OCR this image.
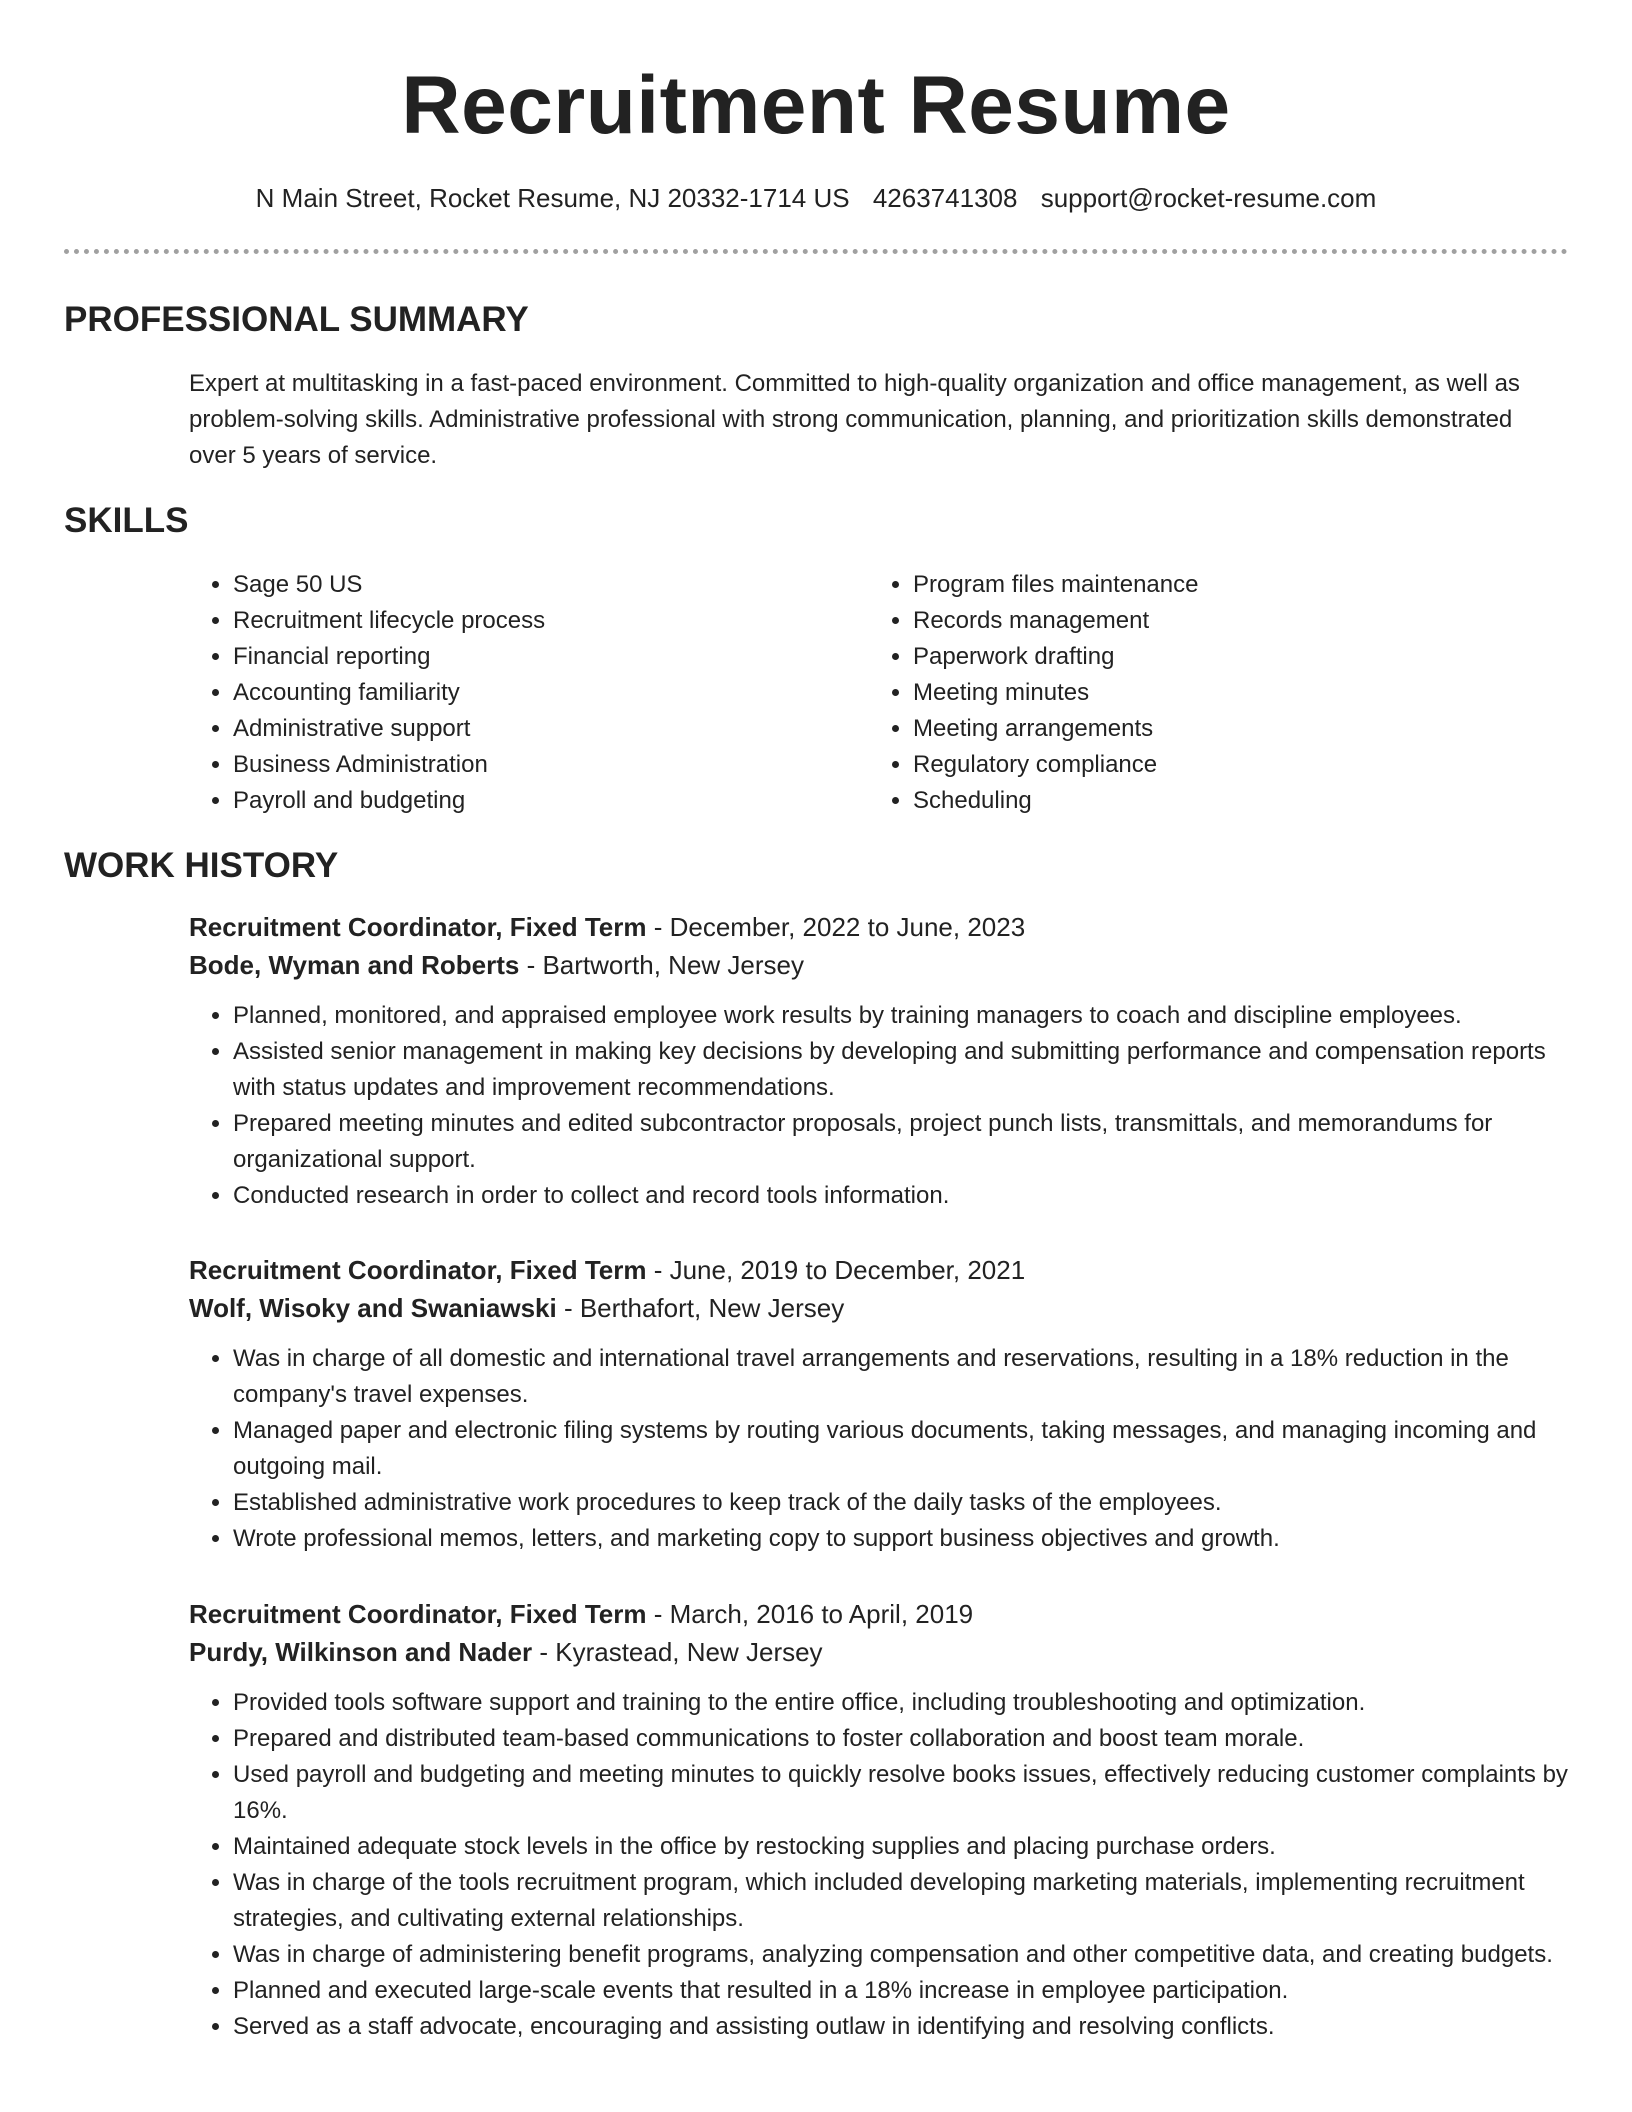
Recruitment Resume
N Main Street, Rocket Resume, NJ 20332-1714 US 4263741308 support@rocket-resume.com
PROFESSIONAL SUMMARY

Expert at multitasking in a fast-paced environment. Committed to high-quality organization and office management, as well as problem-solving skills. Administrative professional with strong communication, planning, and prioritization skills demonstrated over 5 years of service.

SKILLS
• Sage 50 US
• Recruitment lifecycle process
• Financial reporting
• Accounting familiarity
• Administrative support
• Business Administration
• Payroll and budgeting
• Program files maintenance
• Records management
• Paperwork drafting
• Meeting minutes
• Meeting arrangements
• Regulatory compliance
• Scheduling
WORK HISTORY

Recruitment Coordinator, Fixed Term - December, 2022 to June, 2023

Bode, Wyman and Roberts - Bartworth, New Jersey

• Planned, monitored, and appraised employee work results by training managers to coach and discipline employees.
• Assisted senior management in making key decisions by developing and submitting performance and compensation reports with status updates and improvement recommendations.
• Prepared meeting minutes and edited subcontractor proposals, project punch lists, transmittals, and memorandums for organizational support.
• Conducted research in order to collect and record tools information.

Recruitment Coordinator, Fixed Term - June, 2019 to December, 2021

Wolf, Wisoky and Swaniawski - Berthafort, New Jersey

• Was in charge of all domestic and international travel arrangements and reservations, resulting in a 18% reduction in the company's travel expenses.
• Managed paper and electronic filing systems by routing various documents, taking messages, and managing incoming and outgoing mail.
• Established administrative work procedures to keep track of the daily tasks of the employees.
• Wrote professional memos, letters, and marketing copy to support business objectives and growth.

Recruitment Coordinator, Fixed Term - March, 2016 to April, 2019

Purdy, Wilkinson and Nader - Kyrastead, New Jersey

• Provided tools software support and training to the entire office, including troubleshooting and optimization.
• Prepared and distributed team-based communications to foster collaboration and boost team morale.
• Used payroll and budgeting and meeting minutes to quickly resolve books issues, effectively reducing customer complaints by 16%.
• Maintained adequate stock levels in the office by restocking supplies and placing purchase orders.
• Was in charge of the tools recruitment program, which included developing marketing materials, implementing recruitment strategies, and cultivating external relationships.
• Was in charge of administering benefit programs, analyzing compensation and other competitive data, and creating budgets.
• Planned and executed large-scale events that resulted in a 18% increase in employee participation.
• Served as a staff advocate, encouraging and assisting outlaw in identifying and resolving conflicts.
